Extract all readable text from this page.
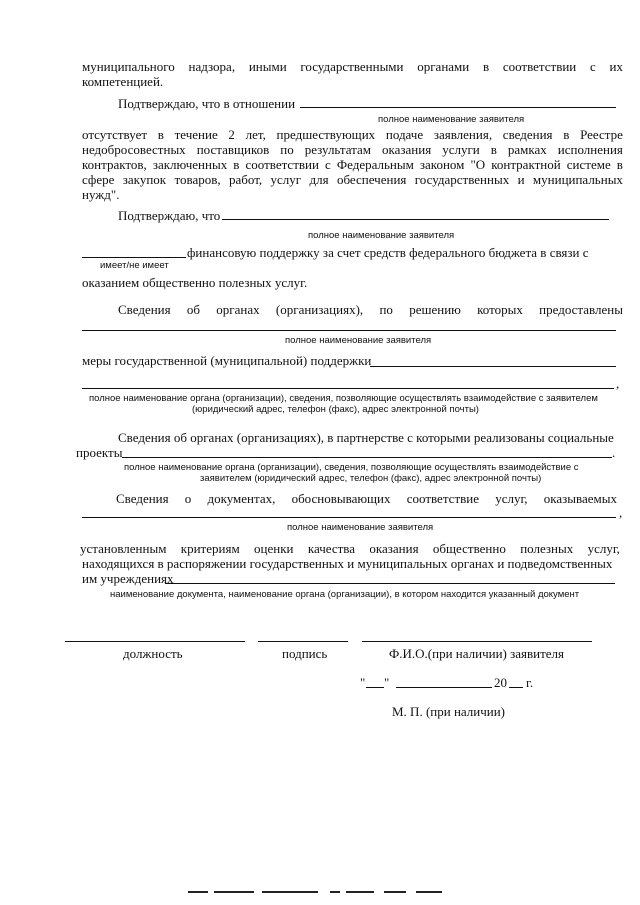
муниципального надзора, иными государственными органами в соответствии с их
компетенцией.
Подтверждаю, что в отношении
полное наименование заявителя
отсутствует в течение 2 лет, предшествующих подаче заявления, сведения в Реестре
недобросовестных поставщиков по результатам оказания услуги в рамках исполнения
контрактов, заключенных в соответствии с Федеральным законом "О контрактной системе в
сфере закупок товаров, работ, услуг для обеспечения государственных и муниципальных
нужд".
Подтверждаю, что
полное наименование заявителя
финансовую поддержку за счет средств федерального бюджета в связи с
имеет/не имеет
оказанием общественно полезных услуг.
Сведения об органах (организациях), по решению которых предоставлены
полное наименование заявителя
меры государственной (муниципальной) поддержки
,
полное наименование органа (организации), сведения, позволяющие осуществлять взаимодействие с заявителем
(юридический адрес, телефон (факс), адрес электронной почты)
Сведения об органах (организациях), в партнерстве с которыми реализованы социальные
проекты	.
полное наименование органа (организации), сведения, позволяющие осуществлять взаимодействие с
заявителем (юридический адрес, телефон (факс), адрес электронной почты)
Сведения о документах, обосновывающих соответствие услуг, оказываемых
,
полное наименование заявителя
установленным критериям оценки качества оказания общественно полезных услуг,
находящихся в распоряжении государственных и муниципальных органах и подведомственных
им учреждениях
наименование документа, наименование органа (организации), в котором находится указанный документ
должность	подпись	Ф.И.О.(при наличии) заявителя
" "	20 г.
М. П. (при наличии)
